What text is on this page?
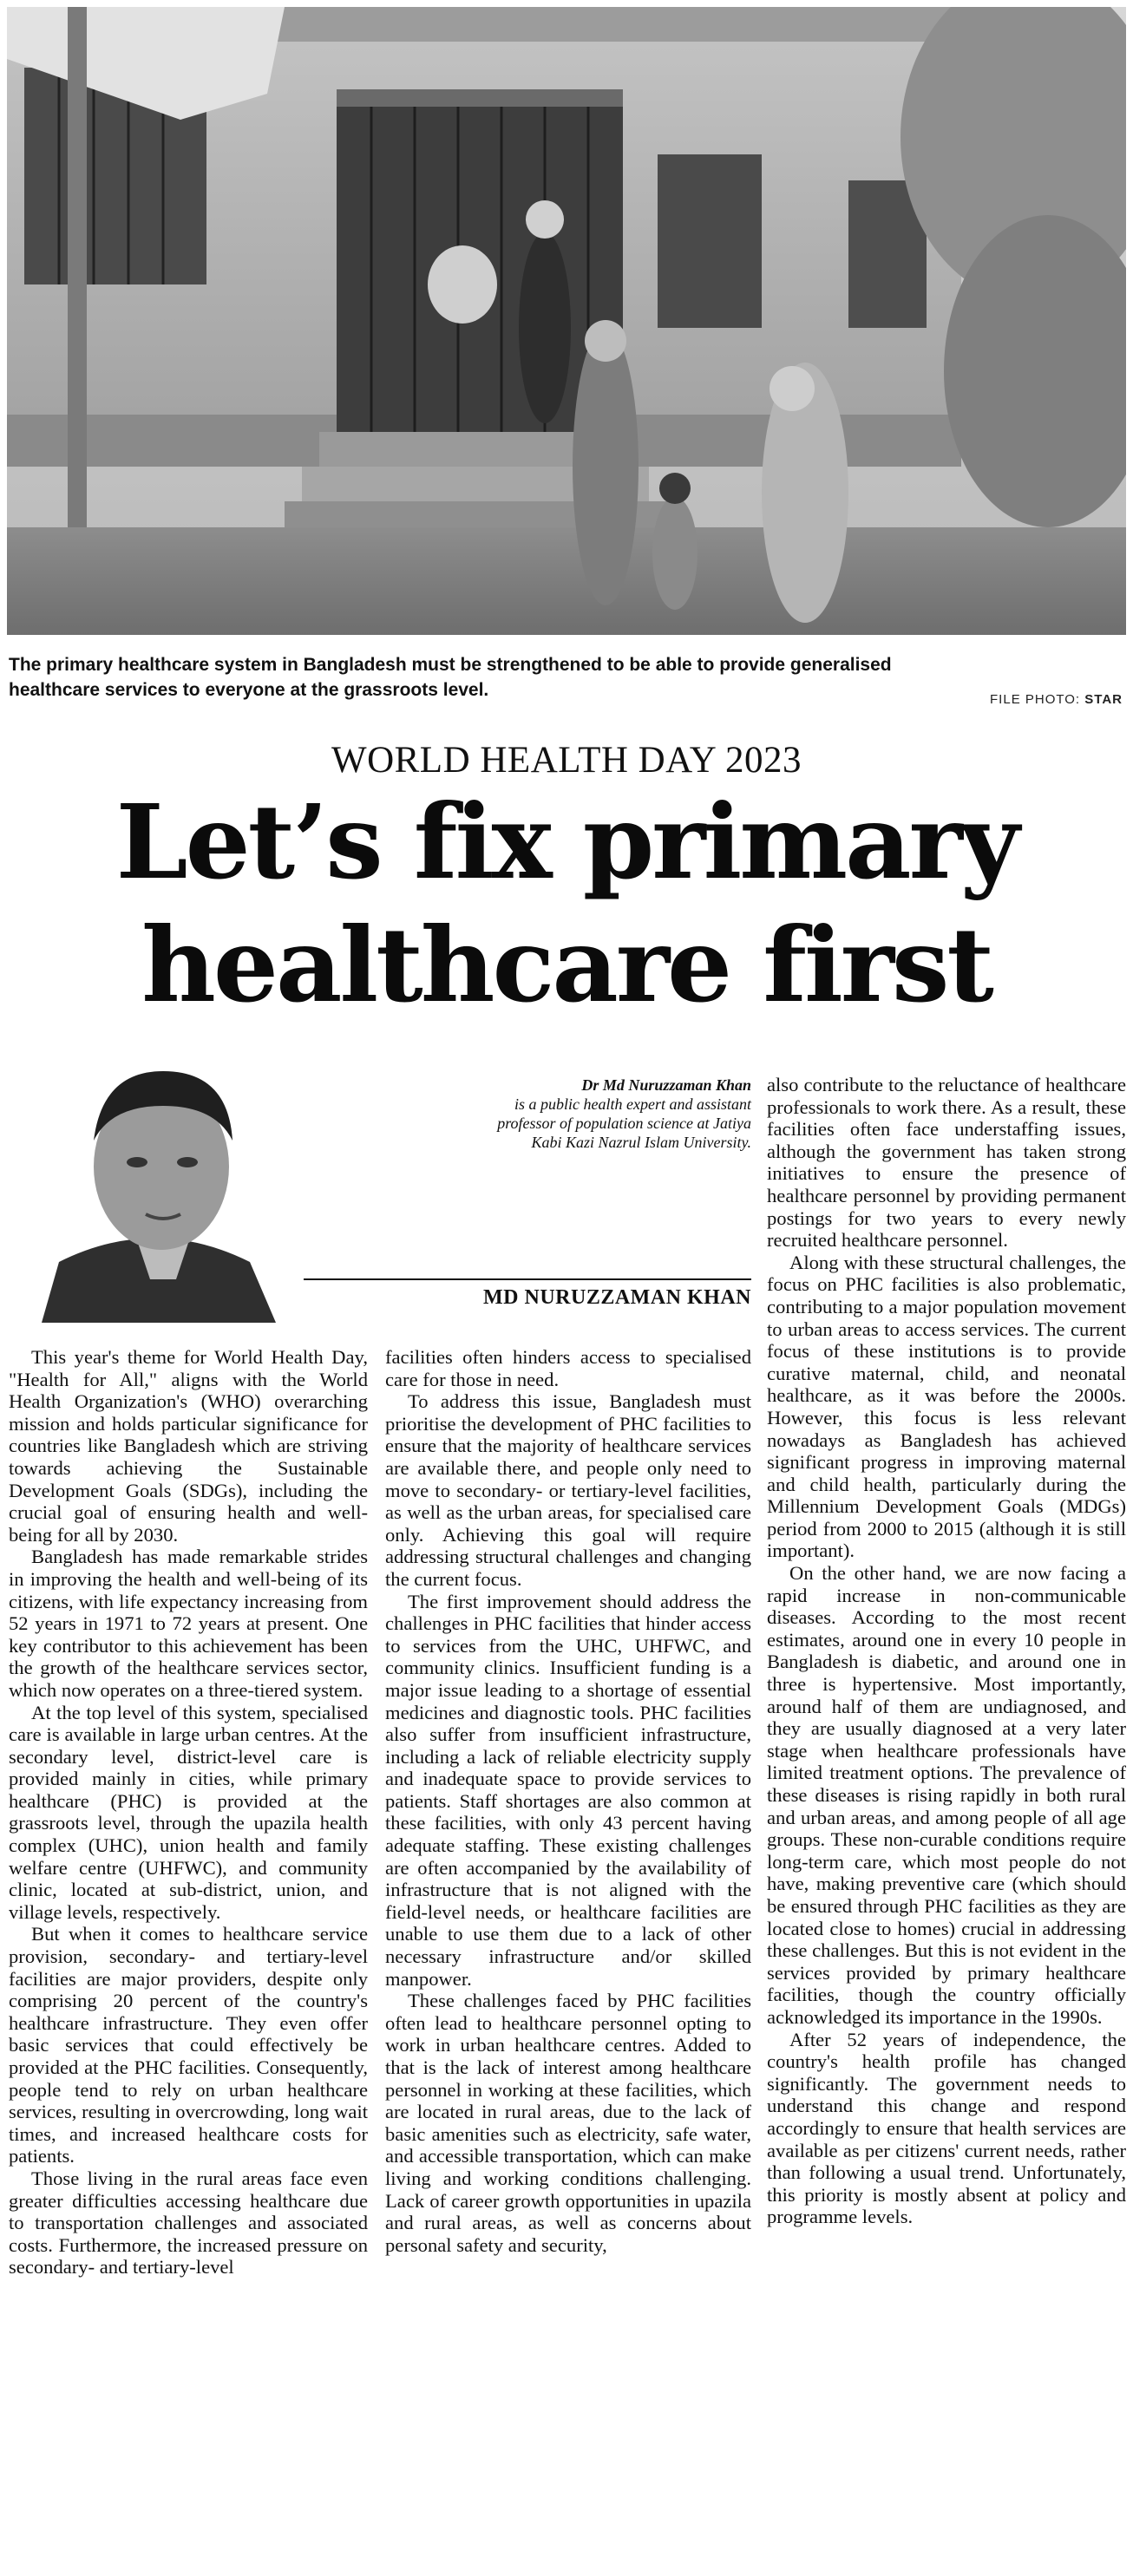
The primary healthcare system in Bangladesh must be strengthened to be able to provide generalised healthcare services to everyone at the grassroots level.	FILE PHOTO: STAR
WORLD HEALTH DAY 2023
Let’s fix primary
healthcare first
Dr Md Nuruzzaman Khan
is a public health expert and assistant
professor of population science at Jatiya
Kabi Kazi Nazrul Islam University.
MD NURUZZAMAN KHAN

This year's theme for World Health Day, "Health for All," aligns with the World Health Organization's (WHO) overarching mission and holds particular significance for countries like Bangladesh which are striving towards achieving the Sustainable Development Goals (SDGs), including the crucial goal of ensuring health and well-being for all by 2030.

Bangladesh has made remarkable strides in improving the health and well-being of its citizens, with life expectancy increasing from 52 years in 1971 to 72 years at present. One key contributor to this achievement has been the growth of the healthcare services sector, which now operates on a three-tiered system.

At the top level of this system, specialised care is available in large urban centres. At the secondary level, district-level care is provided mainly in cities, while primary healthcare (PHC) is provided at the grassroots level, through the upazila health complex (UHC), union health and family welfare centre (UHFWC), and community clinic, located at sub-district, union, and village levels, respectively.

But when it comes to healthcare service provision, secondary- and tertiary-level facilities are major providers, despite only comprising 20 percent of the country's healthcare infrastructure. They even offer basic services that could effectively be provided at the PHC facilities. Consequently, people tend to rely on urban healthcare services, resulting in overcrowding, long wait times, and increased healthcare costs for patients.

Those living in the rural areas face even greater difficulties accessing healthcare due to transportation challenges and associated costs. Furthermore, the increased pressure on secondary- and tertiary-level

facilities often hinders access to specialised care for those in need.

To address this issue, Bangladesh must prioritise the development of PHC facilities to ensure that the majority of healthcare services are available there, and people only need to move to secondary- or tertiary-level facilities, as well as the urban areas, for specialised care only. Achieving this goal will require addressing structural challenges and changing the current focus.

The first improvement should address the challenges in PHC facilities that hinder access to services from the UHC, UHFWC, and community clinics. Insufficient funding is a major issue leading to a shortage of essential medicines and diagnostic tools. PHC facilities also suffer from insufficient infrastructure, including a lack of reliable electricity supply and inadequate space to provide services to patients. Staff shortages are also common at these facilities, with only 43 percent having adequate staffing. These existing challenges are often accompanied by the availability of infrastructure that is not aligned with the field-level needs, or healthcare facilities are unable to use them due to a lack of other necessary infrastructure and/or skilled manpower.

These challenges faced by PHC facilities often lead to healthcare personnel opting to work in urban healthcare centres. Added to that is the lack of interest among healthcare personnel in working at these facilities, which are located in rural areas, due to the lack of basic amenities such as electricity, safe water, and accessible transportation, which can make living and working conditions challenging. Lack of career growth opportunities in upazila and rural areas, as well as concerns about personal safety and security,

also contribute to the reluctance of healthcare professionals to work there. As a result, these facilities often face understaffing issues, although the government has taken strong initiatives to ensure the presence of healthcare personnel by providing permanent postings for two years to every newly recruited healthcare personnel.

Along with these structural challenges, the focus on PHC facilities is also problematic, contributing to a major population movement to urban areas to access services. The current focus of these institutions is to provide curative maternal, child, and neonatal healthcare, as it was before the 2000s. However, this focus is less relevant nowadays as Bangladesh has achieved significant progress in improving maternal and child health, particularly during the Millennium Development Goals (MDGs) period from 2000 to 2015 (although it is still important).

On the other hand, we are now facing a rapid increase in non-communicable diseases. According to the most recent estimates, around one in every 10 people in Bangladesh is diabetic, and around one in three is hypertensive. Most importantly, around half of them are undiagnosed, and they are usually diagnosed at a very later stage when healthcare professionals have limited treatment options. The prevalence of these diseases is rising rapidly in both rural and urban areas, and among people of all age groups. These non-curable conditions require long-term care, which most people do not have, making preventive care (which should be ensured through PHC facilities as they are located close to homes) crucial in addressing these challenges. But this is not evident in the services provided by primary healthcare facilities, though the country officially acknowledged its importance in the 1990s.

After 52 years of independence, the country's health profile has changed significantly. The government needs to understand this change and respond accordingly to ensure that health services are available as per citizens' current needs, rather than following a usual trend. Unfortunately, this priority is mostly absent at policy and programme levels.
